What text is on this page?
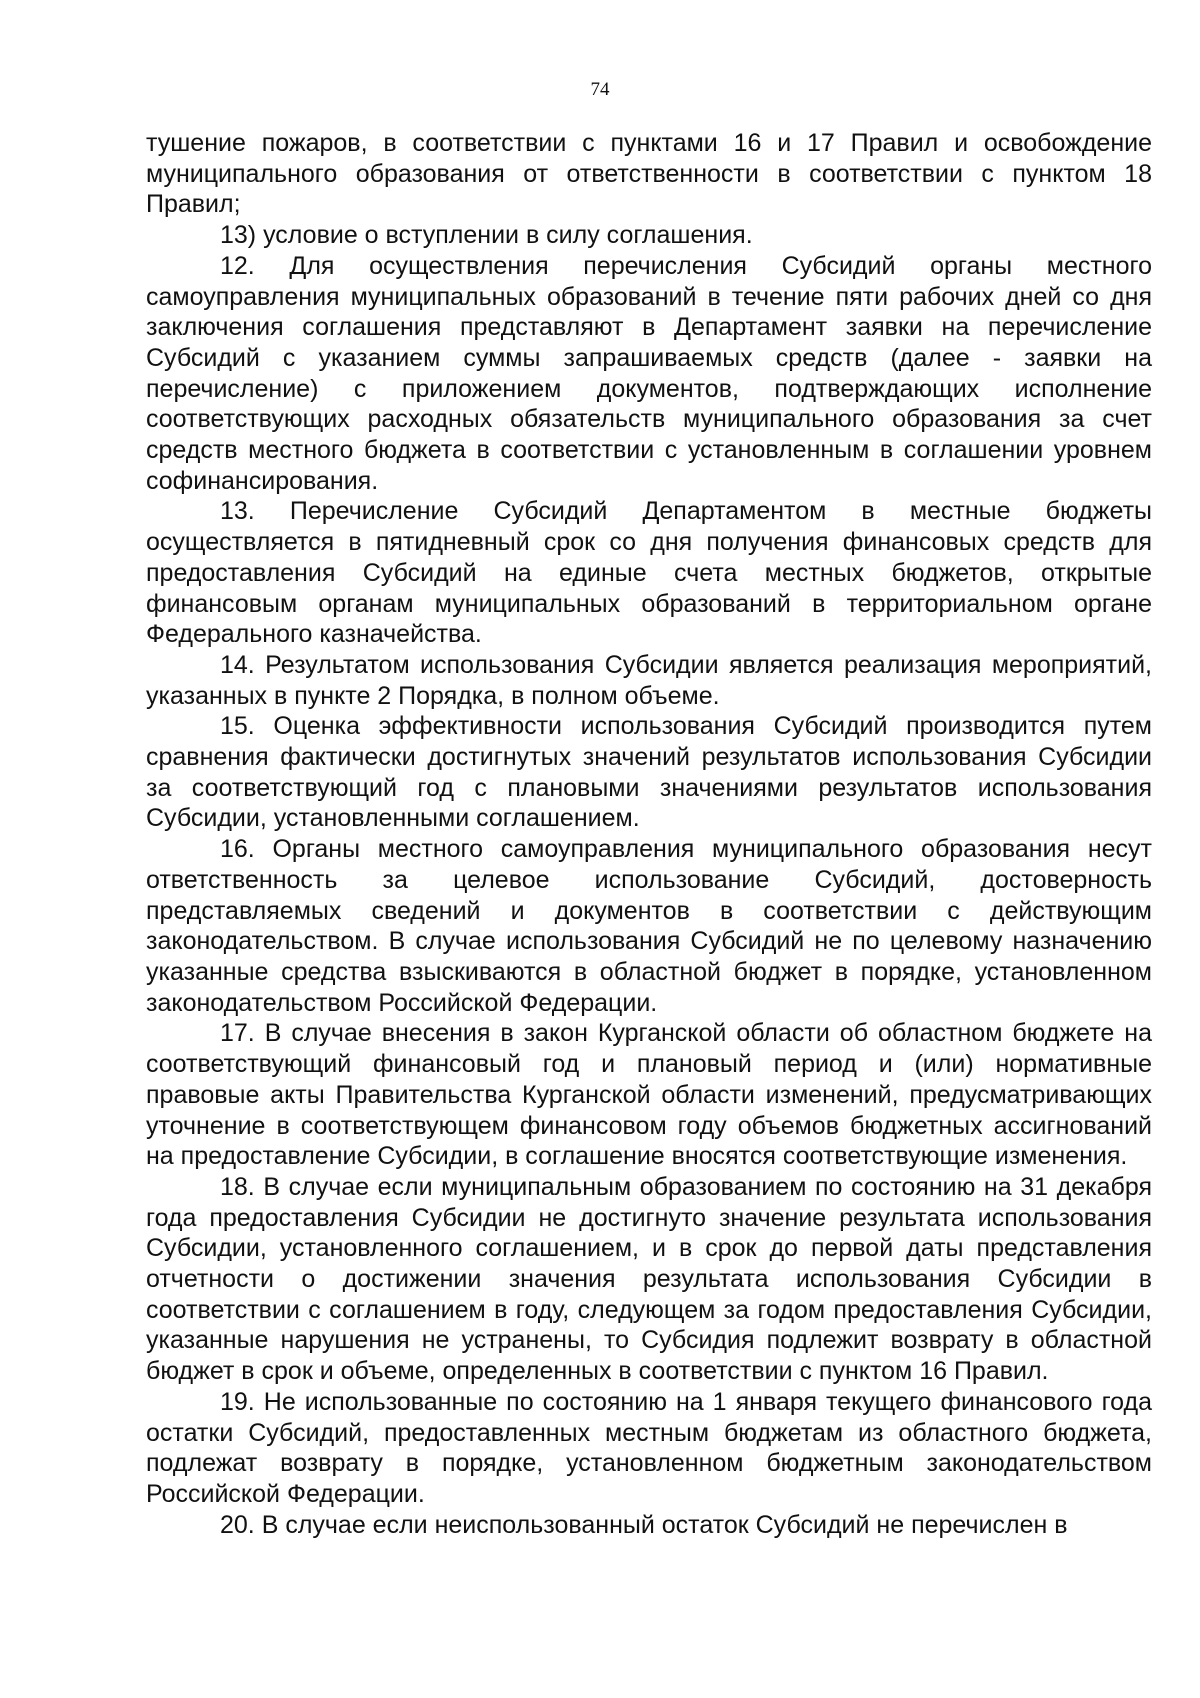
74

тушение пожаров, в соответствии с пунктами 16 и 17 Правил и освобождение муниципального образования от ответственности в соответствии с пунктом 18 Правил;

13) условие о вступлении в силу соглашения.

12. Для осуществления перечисления Субсидий органы местного самоуправления муниципальных образований в течение пяти рабочих дней со дня заключения соглашения представляют в Департамент заявки на перечисление Субсидий с указанием суммы запрашиваемых средств (далее - заявки на перечисление) с приложением документов, подтверждающих исполнение соответствующих расходных обязательств муниципального образования за счет средств местного бюджета в соответствии с установленным в соглашении уровнем софинансирования.

13. Перечисление Субсидий Департаментом в местные бюджеты осуществляется в пятидневный срок со дня получения финансовых средств для предоставления Субсидий на единые счета местных бюджетов, открытые финансовым органам муниципальных образований в территориальном органе Федерального казначейства.

14. Результатом использования Субсидии является реализация мероприятий, указанных в пункте 2 Порядка, в полном объеме.

15. Оценка эффективности использования Субсидий производится путем сравнения фактически достигнутых значений результатов использования Субсидии за соответствующий год с плановыми значениями результатов использования Субсидии, установленными соглашением.

16. Органы местного самоуправления муниципального образования несут ответственность за целевое использование Субсидий, достоверность представляемых сведений и документов в соответствии с действующим законодательством. В случае использования Субсидий не по целевому назначению указанные средства взыскиваются в областной бюджет в порядке, установленном законодательством Российской Федерации.

17. В случае внесения в закон Курганской области об областном бюджете на соответствующий финансовый год и плановый период и (или) нормативные правовые акты Правительства Курганской области изменений, предусматривающих уточнение в соответствующем финансовом году объемов бюджетных ассигнований на предоставление Субсидии, в соглашение вносятся соответствующие изменения.

18. В случае если муниципальным образованием по состоянию на 31 декабря года предоставления Субсидии не достигнуто значение результата использования Субсидии, установленного соглашением, и в срок до первой даты представления отчетности о достижении значения результата использования Субсидии в соответствии с соглашением в году, следующем за годом предоставления Субсидии, указанные нарушения не устранены, то Субсидия подлежит возврату в областной бюджет в срок и объеме, определенных в соответствии с пунктом 16 Правил.

19. Не использованные по состоянию на 1 января текущего финансового года остатки Субсидий, предоставленных местным бюджетам из областного бюджета, подлежат возврату в порядке, установленном бюджетным законодательством Российской Федерации.

20. В случае если неиспользованный остаток Субсидий не перечислен в
